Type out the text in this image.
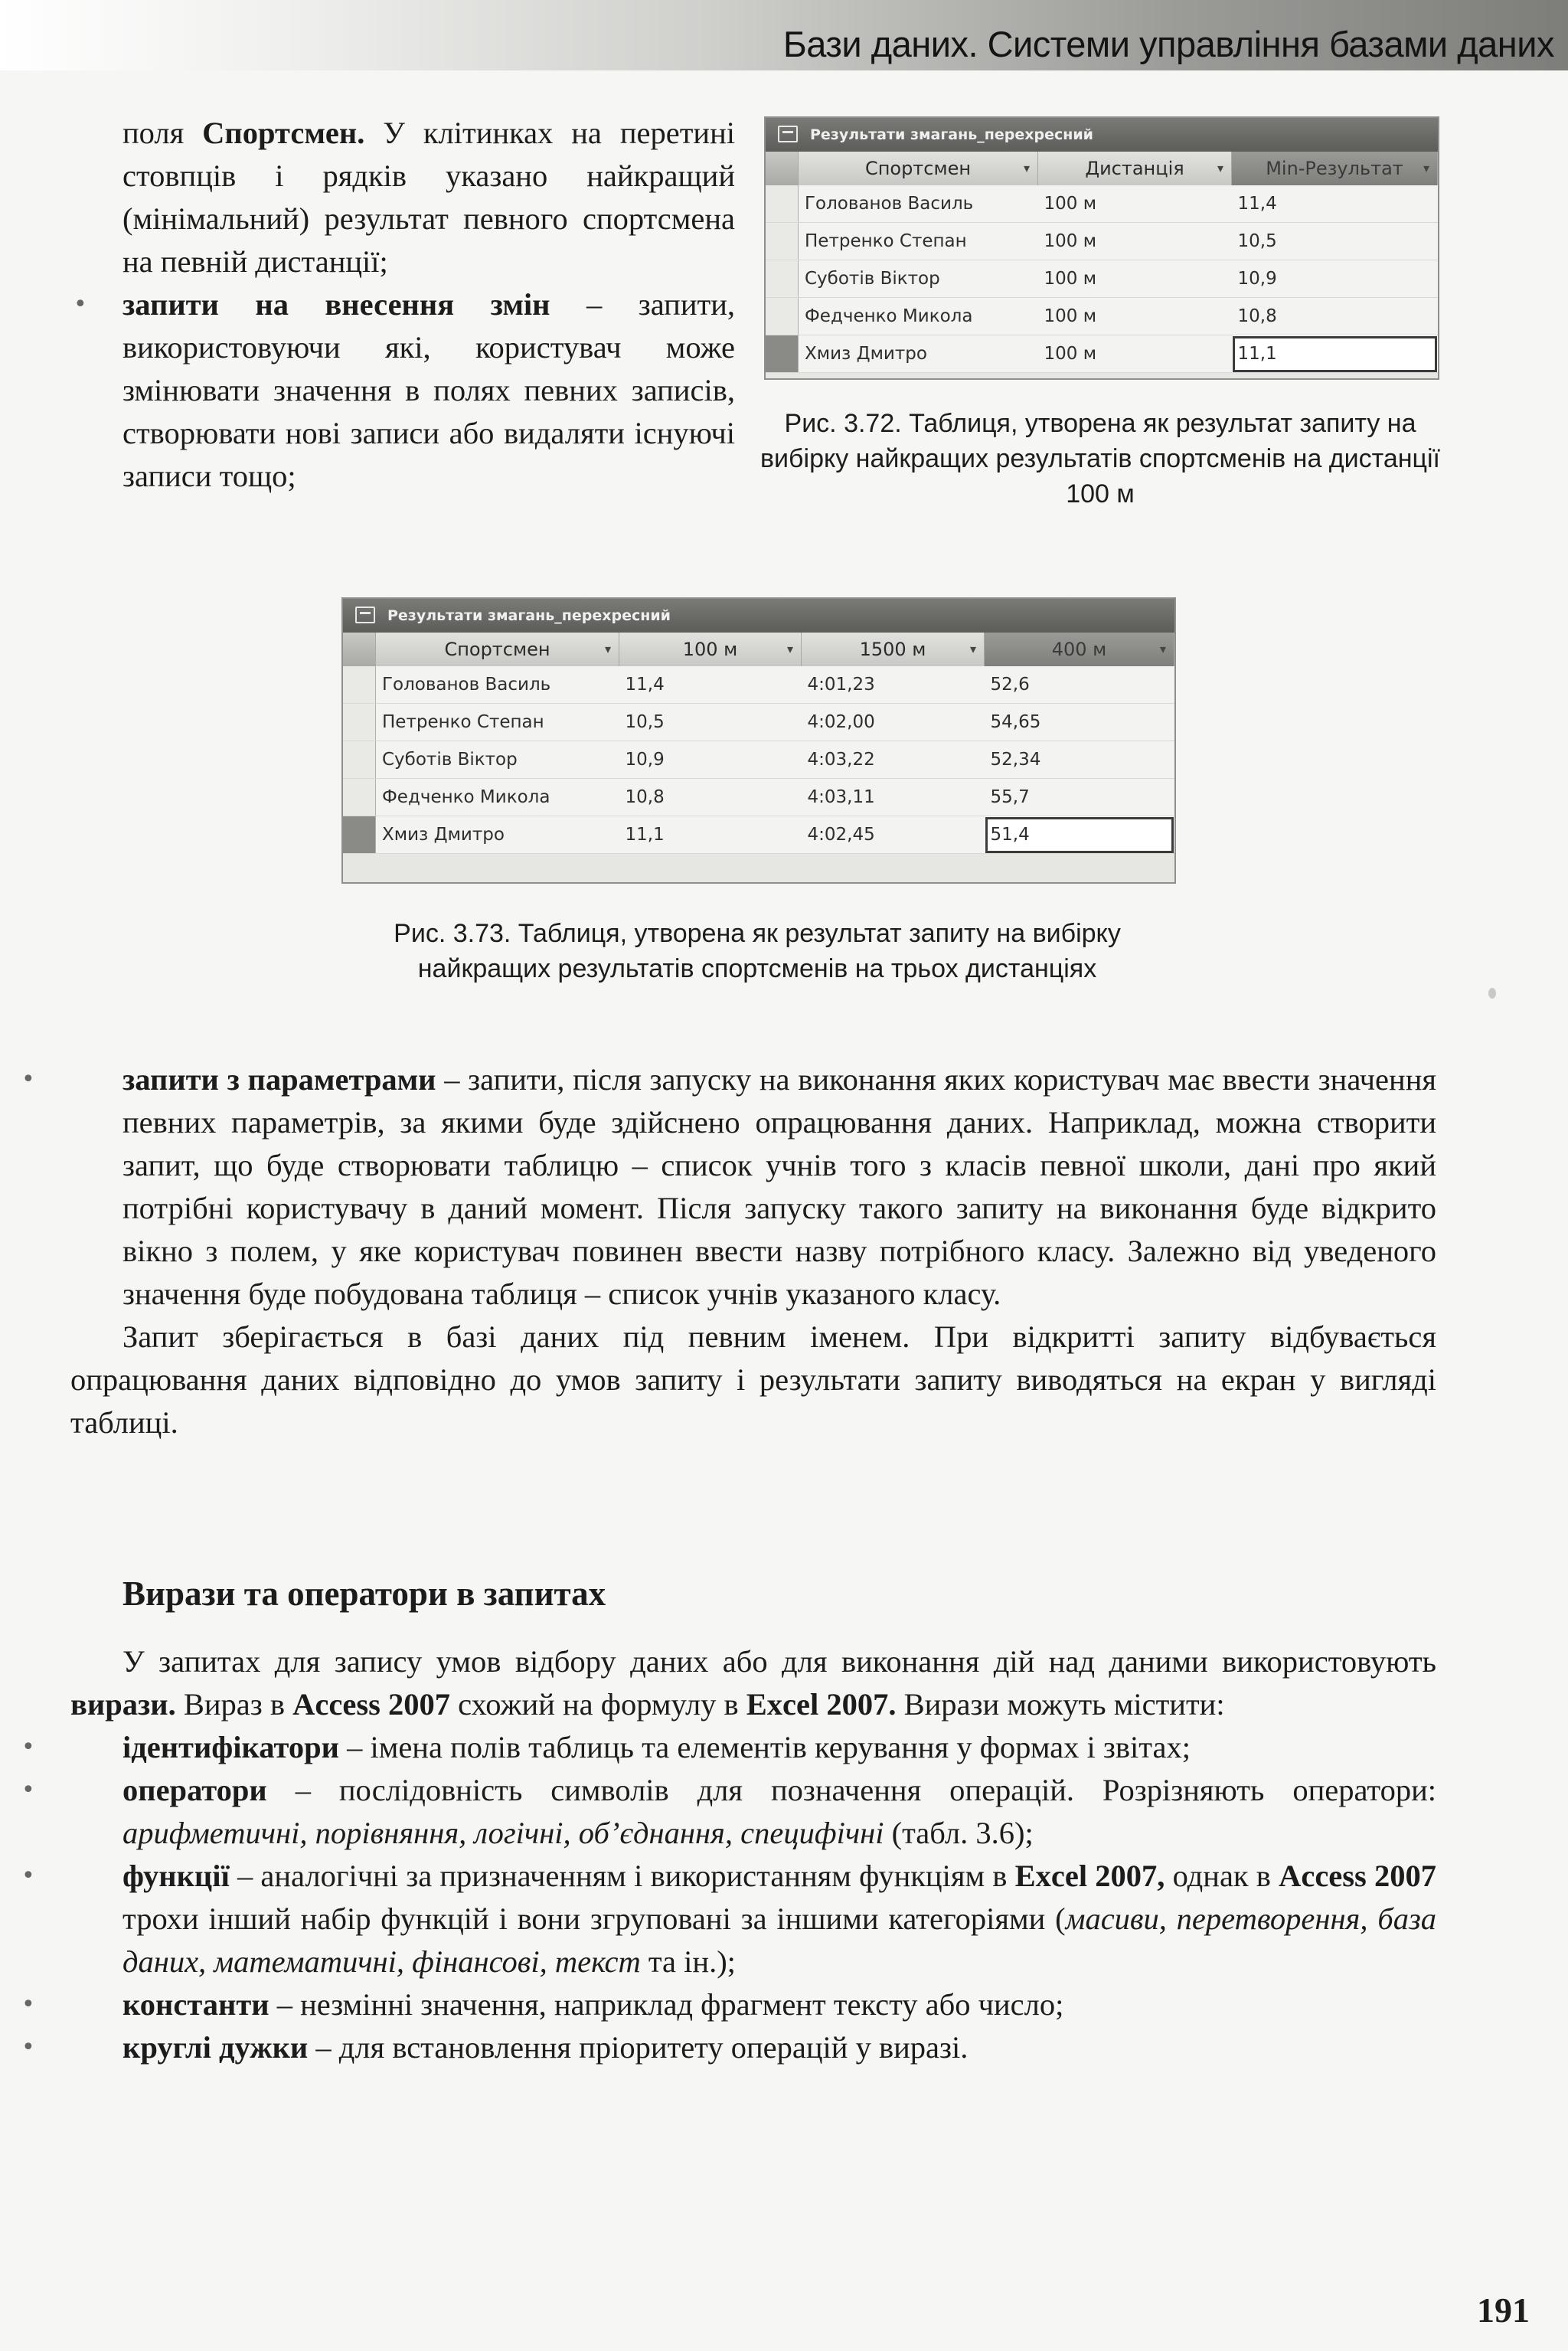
Бази даних. Системи управління базами даних

поля Спортсмен. У клітинках на перетині стовпців і рядків указано найкращий (мінімальний) результат певного спортсмена на певній дистанції;

• запити на внесення змін – запити, використовуючи які, користувач може змінювати значення в полях певних записів, створювати нові записи або видаляти існуючі записи тощо;

Результати змагань_перехресний
	Спортсмен ▾	Дистанція ▾	Min-Результат ▾

	Голованов Василь	100 м	11,4
	Петренко Степан	100 м	10,5
	Суботів Віктор	100 м	10,9
	Федченко Микола	100 м	10,8
	Хмиз Дмитро	100 м	11,1
Рис. 3.72. Таблиця, утворена як результат запиту на вибірку найкращих результатів спортсменів на дистанції 100 м
Результати змагань_перехресний
	Спортсмен ▾	100 м ▾	1500 м ▾	400 м ▾

	Голованов Василь	11,4	4:01,23	52,6
	Петренко Степан	10,5	4:02,00	54,65
	Суботів Віктор	10,9	4:03,22	52,34
	Федченко Микола	10,8	4:03,11	55,7
	Хмиз Дмитро	11,1	4:02,45	51,4
Рис. 3.73. Таблиця, утворена як результат запиту на вибірку найкращих результатів спортсменів на трьох дистанціях

• запити з параметрами – запити, після запуску на виконання яких користувач має ввести значення певних параметрів, за якими буде здійснено опрацювання даних. Наприклад, можна створити запит, що буде створювати таблицю – список учнів того з класів певної школи, дані про який потрібні користувачу в даний момент. Після запуску такого запиту на виконання буде відкрито вікно з полем, у яке користувач повинен ввести назву потрібного класу. Залежно від уведеного значення буде побудована таблиця – список учнів указаного класу.

Запит зберігається в базі даних під певним іменем. При відкритті запиту відбувається опрацювання даних відповідно до умов запиту і результати запиту виводяться на екран у вигляді таблиці.

Вирази та оператори в запитах

У запитах для запису умов відбору даних або для виконання дій над даними використовують вирази. Вираз в Access 2007 схожий на формулу в Excel 2007. Вирази можуть містити:

• ідентифікатори – імена полів таблиць та елементів керування у формах і звітах;

• оператори – послідовність символів для позначення операцій. Розрізняють оператори: арифметичні, порівняння, логічні, об’єднання, специфічні (табл. 3.6);

• функції – аналогічні за призначенням і використанням функціям в Excel 2007, однак в Access 2007 трохи інший набір функцій і вони згруповані за іншими категоріями (масиви, перетворення, база даних, математичні, фінансові, текст та ін.);

• константи – незмінні значення, наприклад фрагмент тексту або число;

• круглі дужки – для встановлення пріоритету операцій у виразі.

191
